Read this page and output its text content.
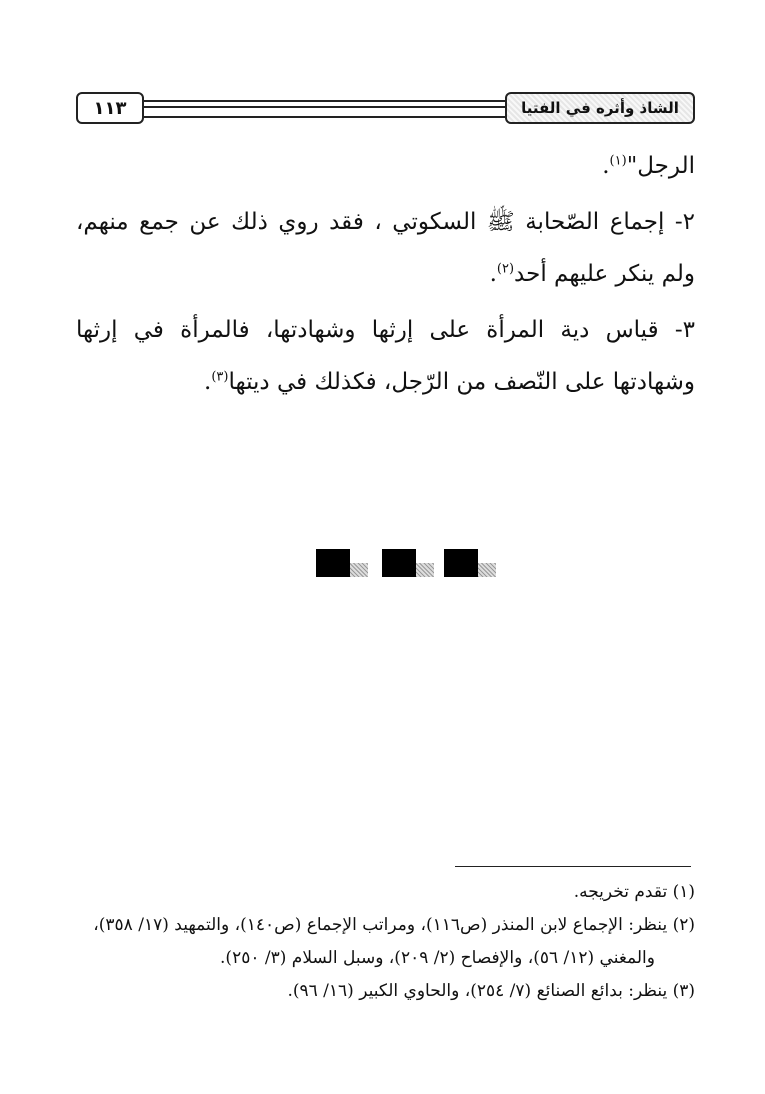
١١٣	الشاذ وأثره في الفتيا

الرجل"$^{(١)}$.

٢- إجماع الصّحابة ﷺ السكوتي ، فقد روي ذلك عن جمع منهم، ولم ينكر عليهم أحد$^{(٢)}$.

٣- قياس دية المرأة على إرثها وشهادتها، فالمرأة في إرثها وشهادتها على النّصف من الرّجل، فكذلك في ديتها$^{(٣)}$.

(١) تقدم تخريجه.

(٢) ينظر: الإجماع لابن المنذر (ص١١٦)، ومراتب الإجماع (ص١٤٠)، والتمهيد (١٧/ ٣٥٨)،

والمغني (١٢/ ٥٦)، والإفصاح (٢/ ٢٠٩)، وسبل السلام (٣/ ٢٥٠).

(٣) ينظر: بدائع الصنائع (٧/ ٢٥٤)، والحاوي الكبير (١٦/ ٩٦).
